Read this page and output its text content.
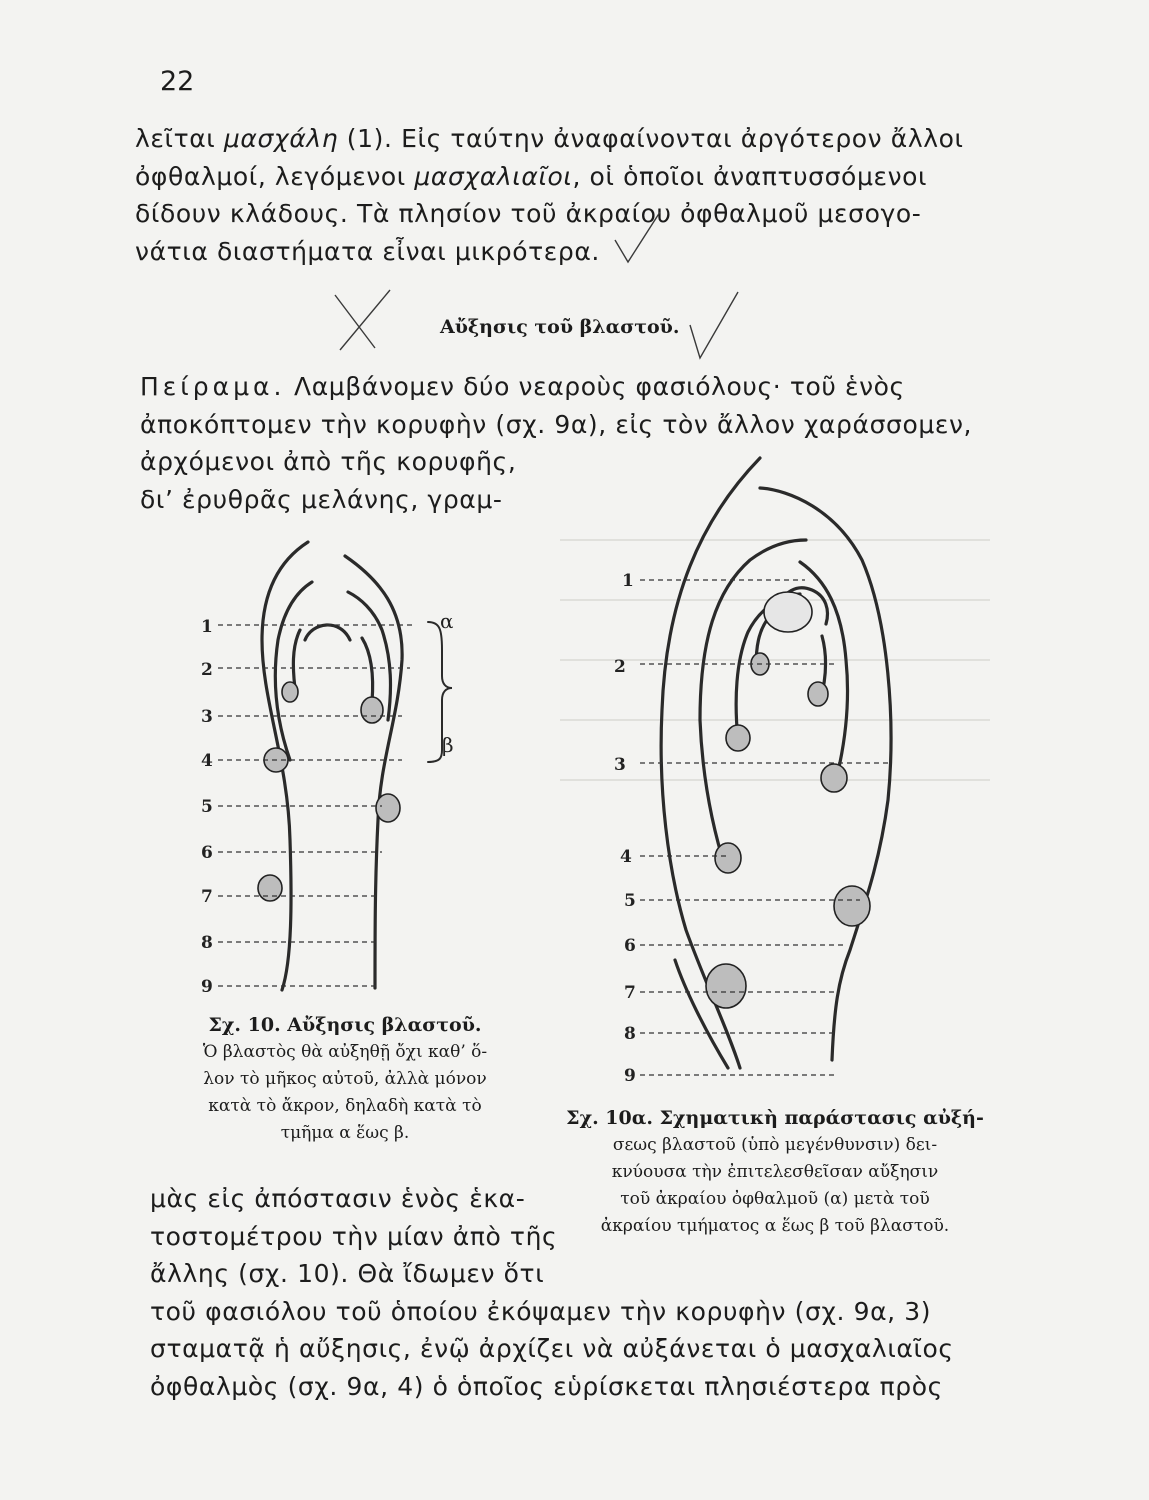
22
λεῖται μασχάλη (1). Εἰς ταύτην ἀναφαίνονται ἀργότερον ἄλλοι
ὀφθαλμοί, λεγόμενοι μασχαλιαῖοι, οἱ ὁποῖοι ἀναπτυσσόμενοι
δίδουν κλάδους. Τὰ πλησίον τοῦ ἀκραίου ὀφθαλμοῦ μεσογο-
νάτια διαστήματα εἶναι μικρότερα.
Αὔξησις τοῦ βλαστοῦ.
Πείραμα. Λαμβάνομεν δύο νεαροὺς φασιόλους· τοῦ ἑνὸς
ἀποκόπτομεν τὴν κορυφὴν (σχ. 9α), εἰς τὸν ἄλλον χαράσσομεν,
ἀρχόμενοι ἀπὸ τῆς κορυφῆς,
δι’ ἐρυθρᾶς μελάνης, γραμ-
1
2
3
4
5
6
7
8
9
α
β
1
2
3
4
5
6
7
8
9
Σχ. 10. Αὔξησις βλαστοῦ.
Ὁ βλαστὸς θὰ αὐξηθῇ ὄχι καθ’ ὅ-
λον τὸ μῆκος αὐτοῦ, ἀλλὰ μόνον
κατὰ τὸ ἄκρον, δηλαδὴ κατὰ τὸ
τμῆμα α ἕως β.
Σχ. 10α. Σχηματικὴ παράστασις αὐξή-
σεως βλαστοῦ (ὑπὸ μεγένθυνσιν) δει-
κνύουσα τὴν ἐπιτελεσθεῖσαν αὔξησιν
τοῦ ἀκραίου ὀφθαλμοῦ (α) μετὰ τοῦ
ἀκραίου τμήματος α ἕως β τοῦ βλαστοῦ.
μὰς εἰς ἀπόστασιν ἑνὸς ἑκα-
τοστομέτρου τὴν μίαν ἀπὸ τῆς
ἄλλης (σχ. 10). Θὰ ἴδωμεν ὅτι
τοῦ φασιόλου τοῦ ὁποίου ἐκόψαμεν τὴν κορυφὴν (σχ. 9α, 3)
σταματᾷ ἡ αὔξησις, ἐνῷ ἀρχίζει νὰ αὐξάνεται ὁ μασχαλιαῖος
ὀφθαλμὸς (σχ. 9α, 4) ὁ ὁποῖος εὑρίσκεται πλησιέστερα πρὸς
